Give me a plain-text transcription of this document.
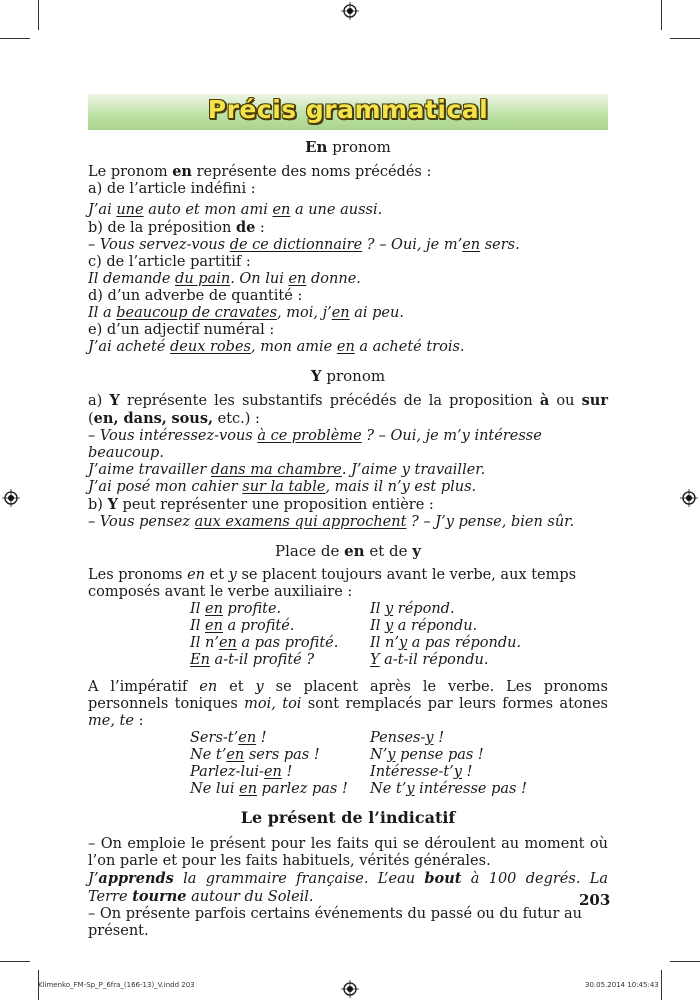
Précis grammatical

En pronom

Le pronom en représente des noms précédés :

a) de l’article indéfini :

J’ai une auto et mon ami en a une aussi.

b) de la préposition de :

– Vous servez-vous de ce dictionnaire ? – Oui, je m’en sers.

c) de l’article partitif :

Il demande du pain. On lui en donne.

d) d’un adverbe de quantité :

Il a beaucoup de cravates, moi, j’en ai peu.

e) d’un adjectif numéral :

J’ai acheté deux robes, mon amie en a acheté trois.

Y pronom

a) Y représente les substantifs précédés de la proposition à ou sur (en, dans, sous, etc.) :

– Vous intéressez-vous à ce problème ? – Oui, je m’y intéresse beaucoup.

J’aime travailler dans ma chambre. J’aime y travailler.

J’ai posé mon cahier sur la table, mais il n’y est plus.

b) Y peut représenter une proposition entière :

– Vous pensez aux examens qui approchent ? – J’y pense, bien sûr.

Place de en et de y

Les pronoms en et y se placent toujours avant le verbe, aux temps composés avant le verbe auxiliaire :

Il en profite.	Il y répond.
Il en a profité.	Il y a répondu.
Il n’en a pas profité.	Il n’y a pas répondu.
En a-t-il profité ?	Y a-t-il répondu.

A l’impératif en et y se placent après le verbe. Les pronoms personnels toniques moi, toi sont remplacés par leurs formes atones me, te :

Sers-t’en !	Penses-y !
Ne t’en sers pas !	N’y pense pas !
Parlez-lui-en !	Intéresse-t’y !
Ne lui en parlez pas !	Ne t’y intéresse pas !

Le présent de l’indicatif

– On emploie le présent pour les faits qui se déroulent au moment où l’on parle et pour les faits habituels, vérités générales.

J’apprends la grammaire française. L’eau bout à 100 degrés. La Terre tourne autour du Soleil.

– On présente parfois certains événements du passé ou du futur au présent.

203
Klimenko_FM-Sp_P_6fra_(166-13)_V.indd 203	30.05.2014 10:45:43
